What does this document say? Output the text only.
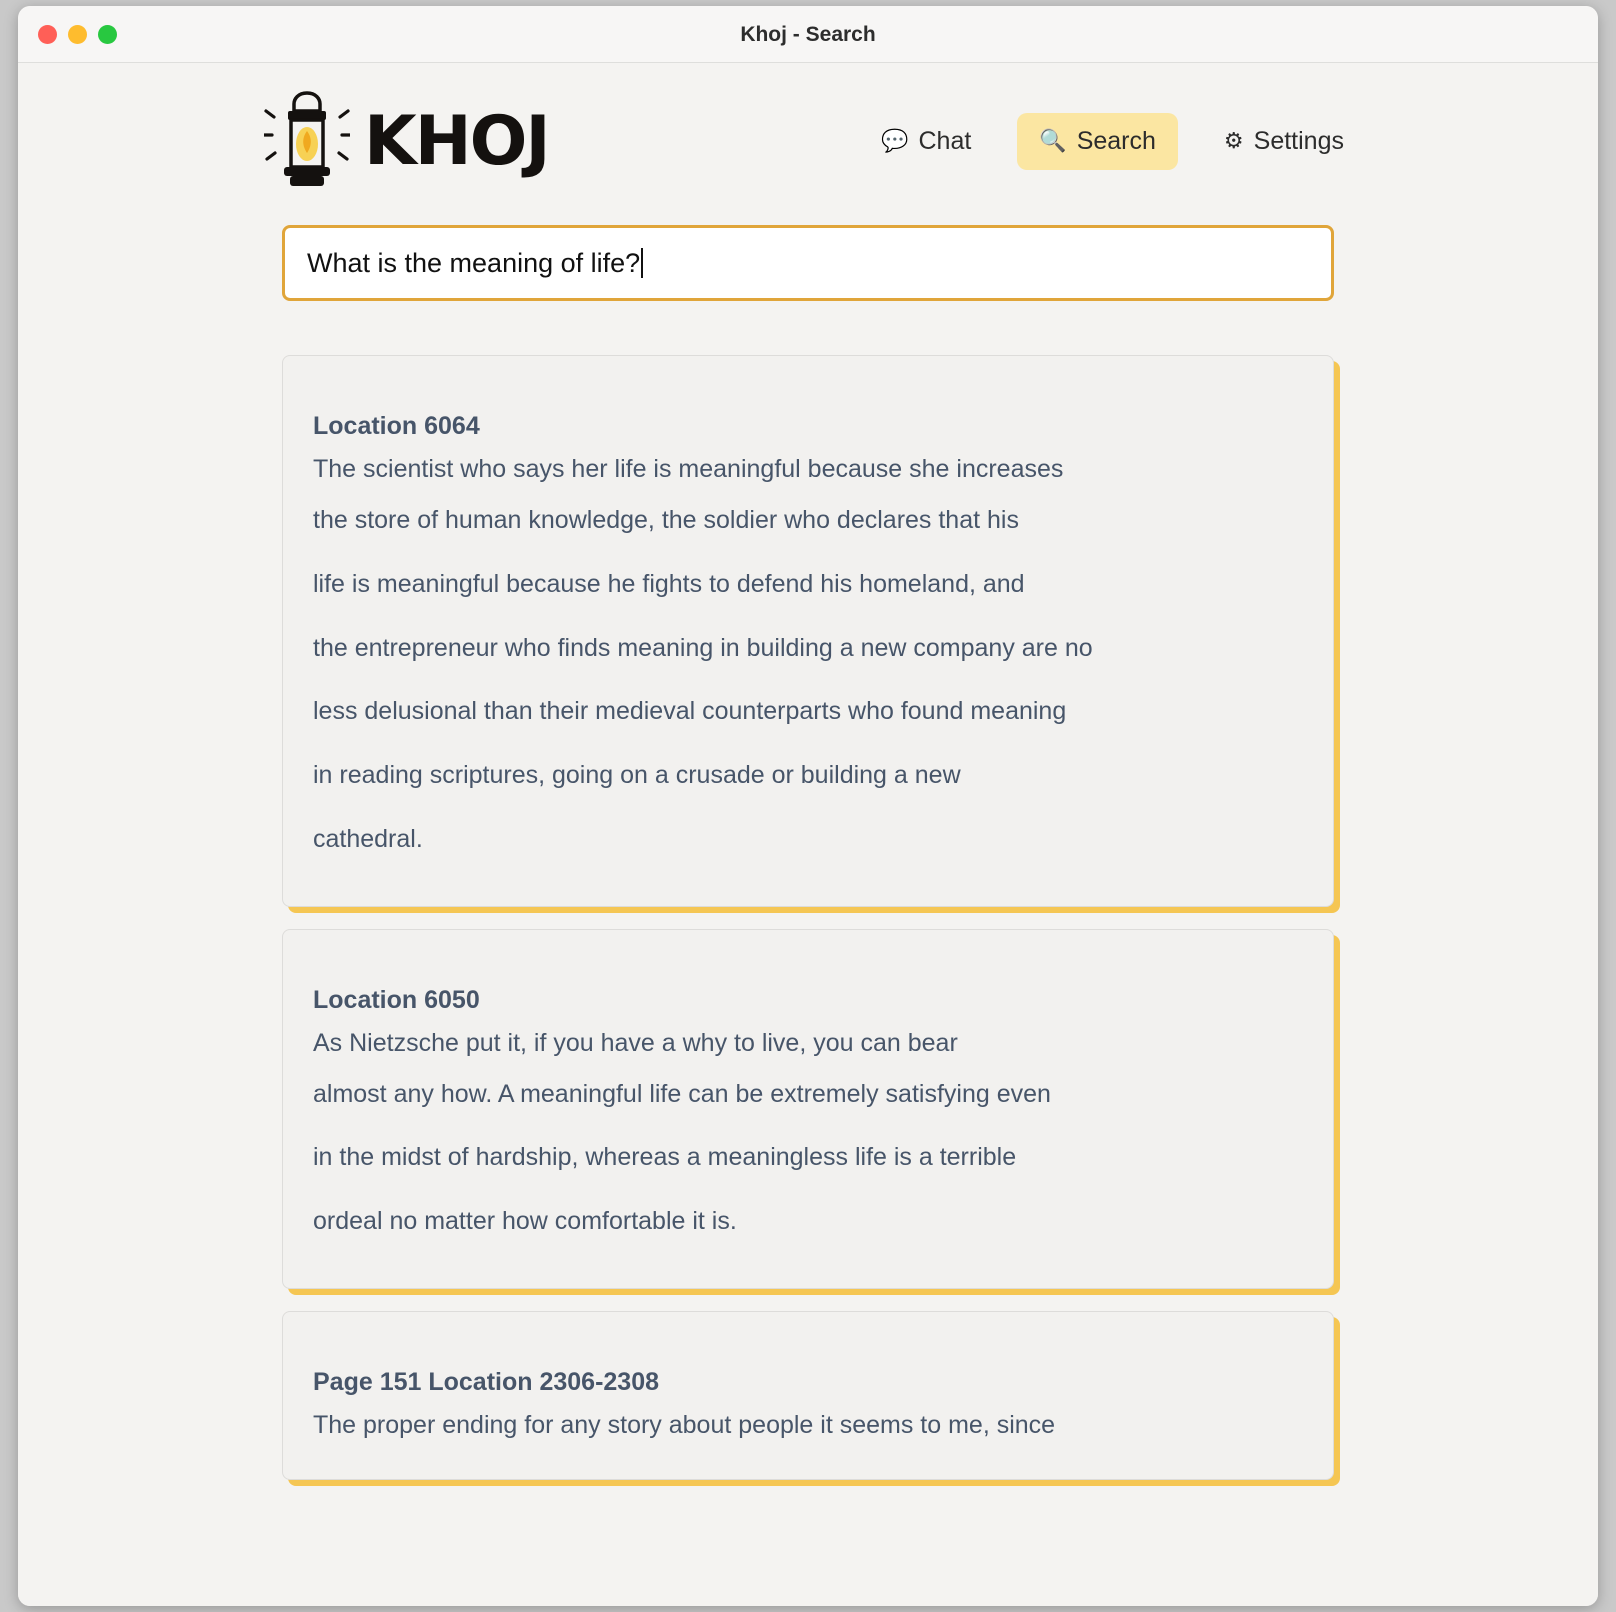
Khoj - Search
KHOJ	💬 Chat	🔍 Search	⚙ Settings
What is the meaning of life?
Location 6064
The scientist who says her life is meaningful because she increases
the store of human knowledge, the soldier who declares that his
life is meaningful because he fights to defend his homeland, and
the entrepreneur who finds meaning in building a new company are no
less delusional than their medieval counterparts who found meaning
in reading scriptures, going on a crusade or building a new
cathedral.
Location 6050
As Nietzsche put it, if you have a why to live, you can bear
almost any how. A meaningful life can be extremely satisfying even
in the midst of hardship, whereas a meaningless life is a terrible
ordeal no matter how comfortable it is.
Page 151 Location 2306-2308
The proper ending for any story about people it seems to me, since
